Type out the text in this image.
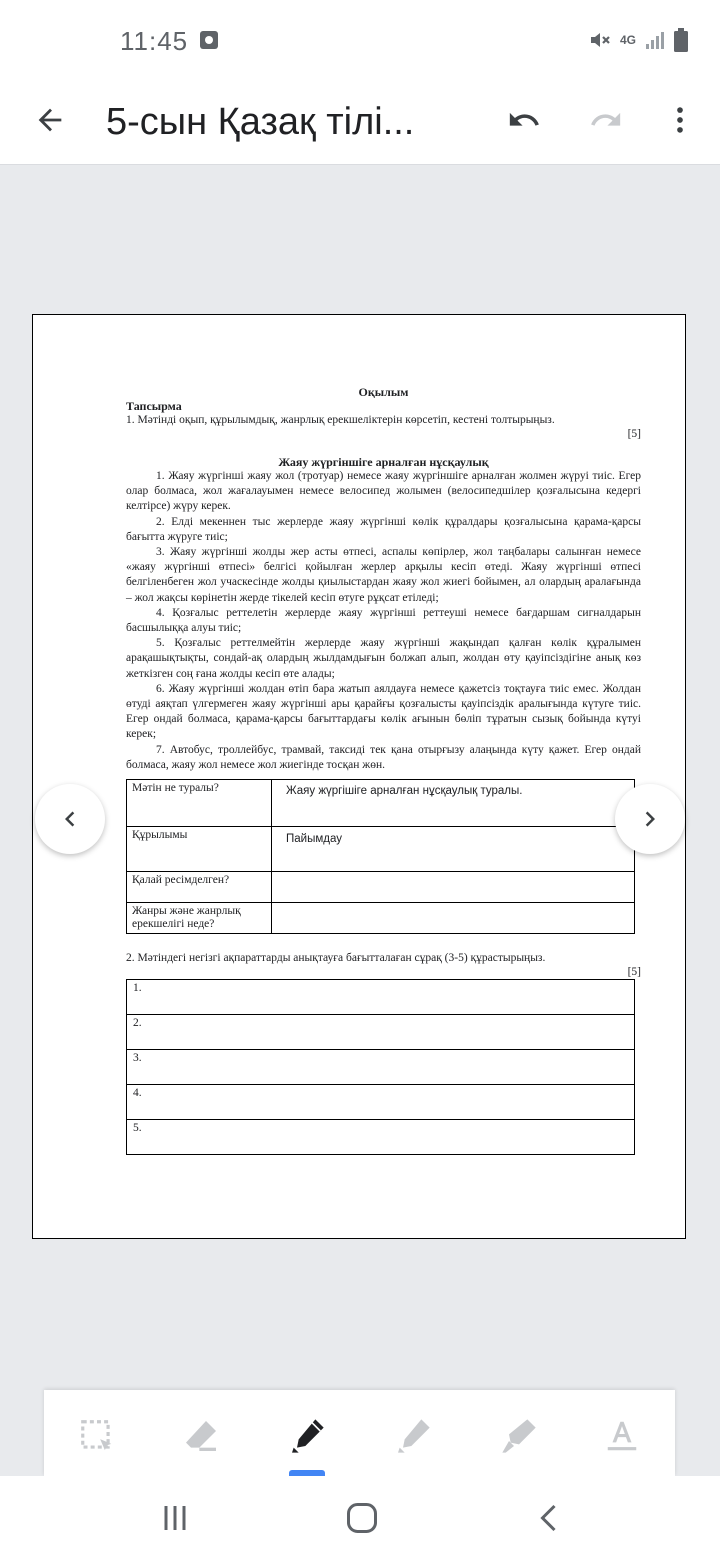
11:45	4G
5-сын Қазақ тілі...
Оқылым
Тапсырма
1. Мәтінді оқып, құрылымдық, жанрлық ерекшеліктерін көрсетіп, кестені толтырыңыз.
[5]
Жаяу жүргіншіге арналған нұсқаулық
1. Жаяу жүргінші жаяу жол (тротуар) немесе жаяу жүргіншіге арналған жолмен жүруі тиіс. Егер олар болмаса, жол жағалауымен немесе велосипед жолымен (велосипедшілер қозғалысына кедергі келтірсе) жүру керек.
2. Елді мекеннен тыс жерлерде жаяу жүргінші көлік құралдары қозғалысына қарама-қарсы бағытта жүруге тиіс;
3. Жаяу жүргінші жолды жер асты өтпесі, аспалы көпірлер, жол таңбалары салынған немесе «жаяу жүргінші өтпесі» белгісі қойылған жерлер арқылы кесіп өтеді. Жаяу жүргінші өтпесі белгіленбеген жол учаскесінде жолды қиылыстардан жаяу жол жиегі бойымен, ал олардың аралағында – жол жақсы көрінетін жерде тікелей кесіп өтуге рұқсат етіледі;
4. Қозғалыс реттелетін жерлерде жаяу жүргінші реттеуші немесе бағдаршам сигналдарын басшылыққа алуы тиіс;
5. Қозғалыс реттелмейтін жерлерде жаяу жүргінші жақындап қалған көлік құралымен арақашықтықты, сондай-ақ олардың жылдамдығын болжап алып, жолдан өту қауіпсіздігіне анық көз жеткізген соң ғана жолды кесіп өте алады;
6. Жаяу жүргінші жолдан өтіп бара жатып аялдауға немесе қажетсіз тоқтауға тиіс емес. Жолдан өтуді аяқтап үлгермеген жаяу жүргінші ары қарайғы қозғалысты қауіпсіздік аралығында күтуге тиіс. Егер ондай болмаса, қарама-қарсы бағыттардағы көлік ағынын бөліп тұратын сызық бойында күтуі керек;
7. Автобус, троллейбус, трамвай, таксиді тек қана отырғызу алаңында күту қажет. Егер ондай болмаса, жаяу жол немесе жол жиегінде тосқан жөн.
Мәтін не туралы?	Жаяу жүргішіге арналған нұсқаулық туралы.
Құрылымы	Пайымдау
Қалай ресімделген?	
Жанры және жанрлық ерекшелігі неде?	
2. Мәтіндегі негізгі ақпараттарды анықтауға бағытталаған сұрақ (3-5) құрастырыңыз.
[5]
1.
2.
3.
4.
5.
